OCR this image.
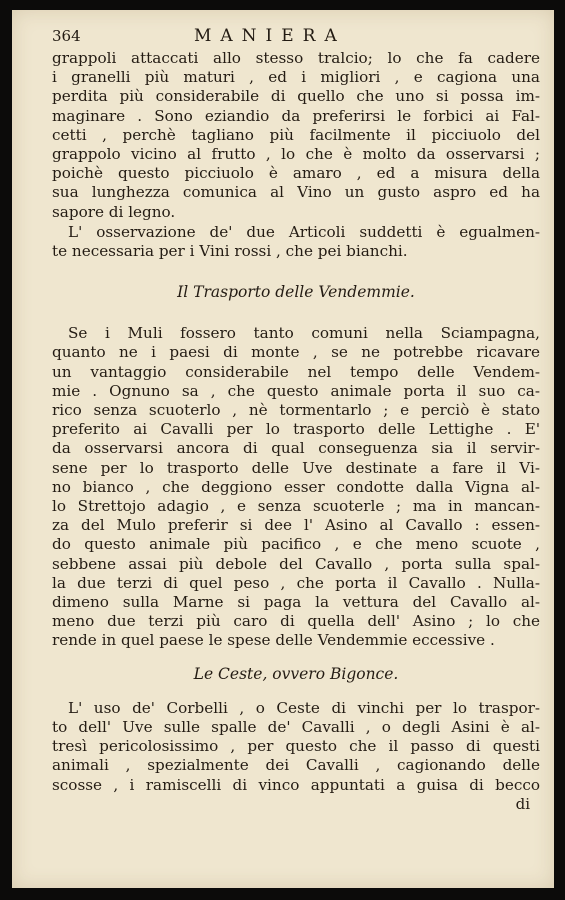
364	MANIERA

grappoli attaccati allo stesso tralcio; lo che fa cadere
i granelli più maturi , ed i migliori , e cagiona una
perdita più considerabile di quello che uno si possa im-
maginare . Sono eziandio da preferirsi le forbici ai Fal-
cetti , perchè tagliano più facilmente il picciuolo del
grappolo vicino al frutto , lo che è molto da osservarsi ;
poichè questo picciuolo è amaro , ed a misura della
sua lunghezza comunica al Vino un gusto aspro ed ha
sapore di legno.

L' osservazione de' due Articoli suddetti è egualmen-
te necessaria per i Vini rossi , che pei bianchi.

Il Trasporto delle Vendemmie.

Se i Muli fossero tanto comuni nella Sciampagna,
quanto ne i paesi di monte , se ne potrebbe ricavare
un vantaggio considerabile nel tempo delle Vendem-
mie . Ognuno sa , che questo animale porta il suo ca-
rico senza scuoterlo , nè tormentarlo ; e perciò è stato
preferito ai Cavalli per lo trasporto delle Lettighe . E'
da osservarsi ancora di qual conseguenza sia il servir-
sene per lo trasporto delle Uve destinate a fare il Vi-
no bianco , che deggiono esser condotte dalla Vigna al-
lo Strettojo adagio , e senza scuoterle ; ma in mancan-
za del Mulo preferir si dee l' Asino al Cavallo : essen-
do questo animale più pacifico , e che meno scuote ,
sebbene assai più debole del Cavallo , porta sulla spal-
la due terzi di quel peso , che porta il Cavallo . Nulla-
dimeno sulla Marne si paga la vettura del Cavallo al-
meno due terzi più caro di quella dell' Asino ; lo che
rende in quel paese le spese delle Vendemmie eccessive .

Le Ceste, ovvero Bigonce.

L' uso de' Corbelli , o Ceste di vinchi per lo traspor-
to dell' Uve sulle spalle de' Cavalli , o degli Asini è al-
tresì pericolosissimo , per questo che il passo di questi
animali , spezialmente dei Cavalli , cagionando delle
scosse , i ramiscelli di vinco appuntati a guisa di becco

di
